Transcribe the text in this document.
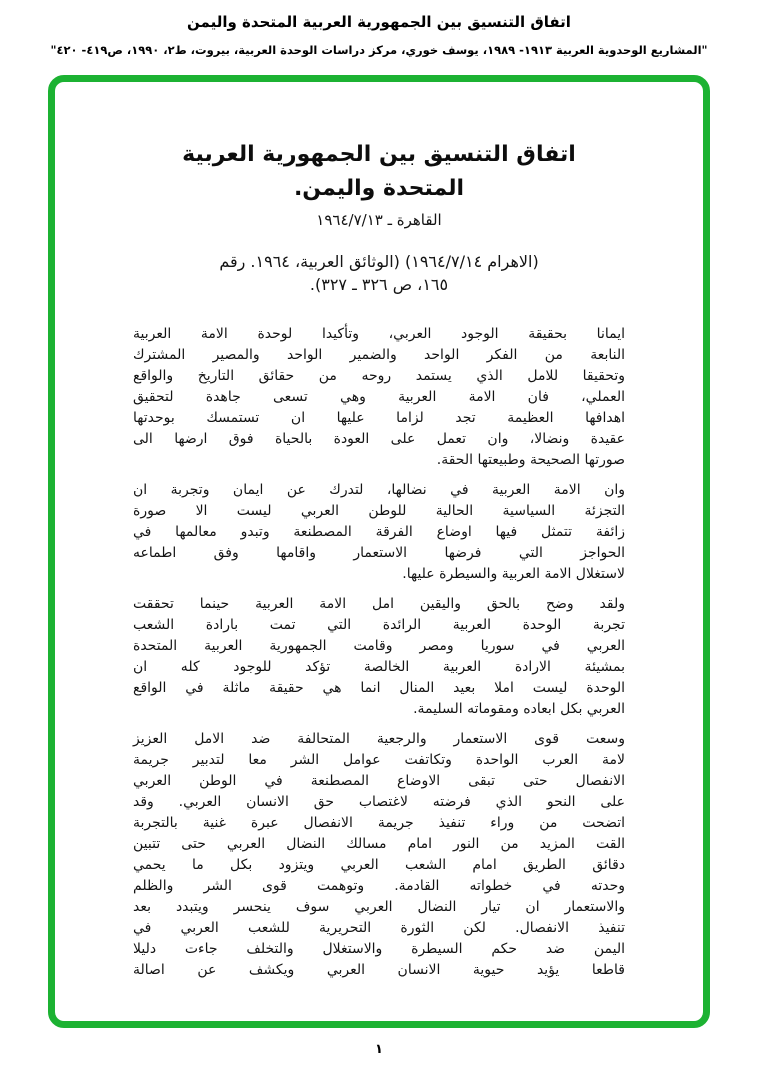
اتفاق التنسيق بين الجمهورية العربية المتحدة واليمن
"المشاريع الوحدوية العربية ١٩١٣- ١٩٨٩، يوسف خوري، مركز دراسات الوحدة العربية، بيروت، ط٢، ١٩٩٠، ص٤١٩- ٤٢٠"
اتفاق التنسيق بين الجمهورية العربية
المتحدة واليمن.
القاهرة ـ ١٩٦٤/٧/١٣
(الاهرام ١٩٦٤/٧/١٤) (الوثائق العربية، ١٩٦٤. رقم
١٦٥، ص ٣٢٦ ـ ٣٢٧).
ايمانا بحقيقة الوجود العربي، وتأكيدا لوحدة الامة العربية
النابعة من الفكر الواحد والضمير الواحد والمصير المشترك
وتحقيقا للامل الذي يستمد روحه من حقائق التاريخ والواقع
العملي، فان الامة العربية وهي تسعى جاهدة لتحقيق
اهدافها العظيمة تجد لزاما عليها ان تستمسك بوحدتها
عقيدة ونضالا، وان تعمل على العودة بالحياة فوق ارضها الى
صورتها الصحيحة وطبيعتها الحقة.
وان الامة العربية في نضالها، لتدرك عن ايمان وتجربة ان
التجزئة السياسية الحالية للوطن العربي ليست الا صورة
زائفة تتمثل فيها اوضاع الفرقة المصطنعة وتبدو معالمها في
الحواجز التي فرضها الاستعمار واقامها وفق اطماعه
لاستغلال الامة العربية والسيطرة عليها.
ولقد وضح بالحق واليقين امل الامة العربية حينما تحققت
تجربة الوحدة العربية الرائدة التي تمت بارادة الشعب
العربي في سوريا ومصر وقامت الجمهورية العربية المتحدة
بمشيئة الارادة العربية الخالصة تؤكد للوجود كله ان
الوحدة ليست املا بعيد المنال انما هي حقيقة ماثلة في الواقع
العربي بكل ابعاده ومقوماته السليمة.
وسعت قوى الاستعمار والرجعية المتحالفة ضد الامل العزيز
لامة العرب الواحدة وتكاتفت عوامل الشر معا لتدبير جريمة
الانفصال حتى تبقى الاوضاع المصطنعة في الوطن العربي
على النحو الذي فرضته لاغتصاب حق الانسان العربي. وقد
اتضحت من وراء تنفيذ جريمة الانفصال عبرة غنية بالتجربة
القت المزيد من النور امام مسالك النضال العربي حتى تتبين
دقائق الطريق امام الشعب العربي ويتزود بكل ما يحمي
وحدته في خطواته القادمة. وتوهمت قوى الشر والظلم
والاستعمار ان تيار النضال العربي سوف ينحسر ويتبدد بعد
تنفيذ الانفصال. لكن الثورة التحريرية للشعب العربي في
اليمن ضد حكم السيطرة والاستغلال والتخلف جاءت دليلا
قاطعا يؤيد حيوية الانسان العربي ويكشف عن اصالة
١
